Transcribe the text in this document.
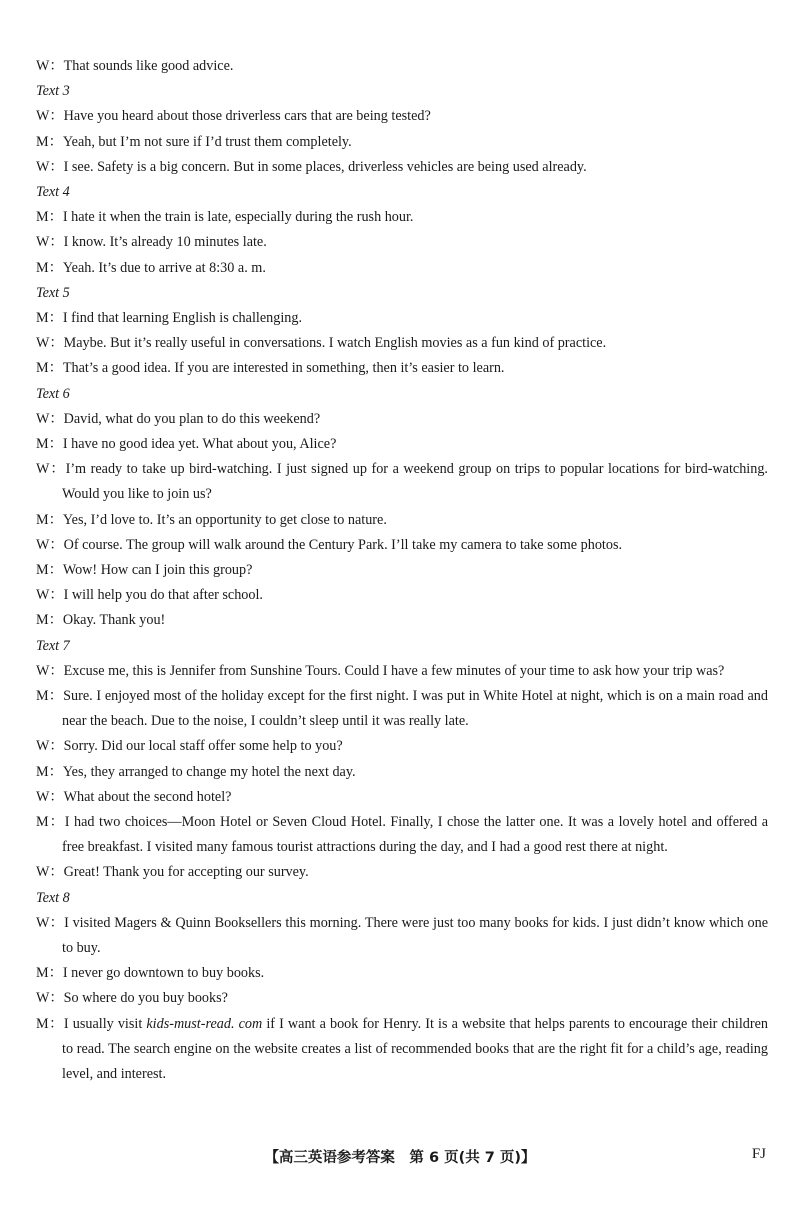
W：That sounds like good advice.
Text 3
W：Have you heard about those driverless cars that are being tested?
M：Yeah, but I’m not sure if I’d trust them completely.
W：I see. Safety is a big concern. But in some places, driverless vehicles are being used already.
Text 4
M：I hate it when the train is late, especially during the rush hour.
W：I know. It’s already 10 minutes late.
M：Yeah. It’s due to arrive at 8:30 a. m.
Text 5
M：I find that learning English is challenging.
W：Maybe. But it’s really useful in conversations. I watch English movies as a fun kind of practice.
M：That’s a good idea. If you are interested in something, then it’s easier to learn.
Text 6
W：David, what do you plan to do this weekend?
M：I have no good idea yet. What about you, Alice?
W：I’m ready to take up bird-watching. I just signed up for a weekend group on trips to popular locations for bird-watching. Would you like to join us?
M：Yes, I’d love to. It’s an opportunity to get close to nature.
W：Of course. The group will walk around the Century Park. I’ll take my camera to take some photos.
M：Wow! How can I join this group?
W：I will help you do that after school.
M：Okay. Thank you!
Text 7
W：Excuse me, this is Jennifer from Sunshine Tours. Could I have a few minutes of your time to ask how your trip was?
M：Sure. I enjoyed most of the holiday except for the first night. I was put in White Hotel at night, which is on a main road and near the beach. Due to the noise, I couldn’t sleep until it was really late.
W：Sorry. Did our local staff offer some help to you?
M：Yes, they arranged to change my hotel the next day.
W：What about the second hotel?
M：I had two choices—Moon Hotel or Seven Cloud Hotel. Finally, I chose the latter one. It was a lovely hotel and offered a free breakfast. I visited many famous tourist attractions during the day, and I had a good rest there at night.
W：Great! Thank you for accepting our survey.
Text 8
W：I visited Magers & Quinn Booksellers this morning. There were just too many books for kids. I just didn’t know which one to buy.
M：I never go downtown to buy books.
W：So where do you buy books?
M：I usually visit kids-must-read. com if I want a book for Henry. It is a website that helps parents to encourage their children to read. The search engine on the website creates a list of recommended books that are the right fit for a child’s age, reading level, and interest.
【高三英语参考答案　第 6 页(共 7 页)】	FJ
